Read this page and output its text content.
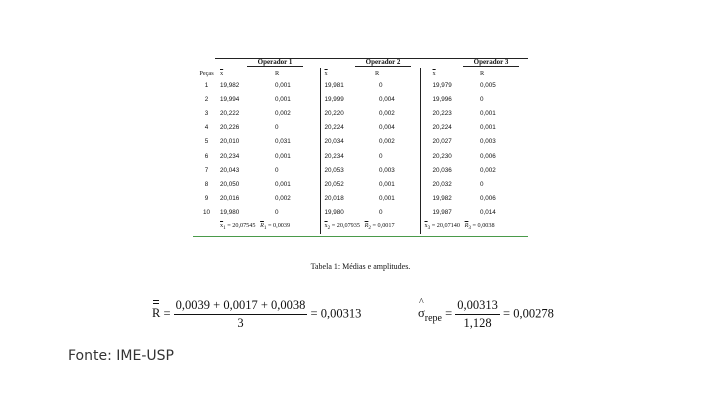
Operador 1	Operador 2	Operador 3
Peças	$\overline{x}$	R	$\overline{x}$	R	$\overline{x}$	R
1	19,982	0,001	19,981	0	19,979	0,005
2	19,994	0,001	19,999	0,004	19,996	0
3	20,222	0,002	20,220	0,002	20,223	0,001
4	20,226	0	20,224	0,004	20,224	0,001
5	20,010	0,031	20,034	0,002	20,027	0,003
6	20,234	0,001	20,234	0	20,230	0,006
7	20,043	0	20,053	0,003	20,036	0,002
8	20,050	0,001	20,052	0,001	20,032	0
9	20,016	0,002	20,018	0,001	19,982	0,006
10	19,980	0	19,980	0	19,987	0,014
	$\overline{x}_1 = 20,07545$ $\overline{R}_1 = 0,0039$		$\overline{x}_2 = 20,07935$ $\overline{R}_2 = 0,0017$		$\overline{x}_3 = 20,07140$ $\overline{R}_3 = 0,0038$	
Tabela 1: Médias e amplitudes.
$R = \frac{0,0039 + 0,0017 + 0,0038}{3} = 0,00313$
^
$\sigma_{repe} = \frac{0,00313}{1,128} = 0,00278$
Fonte: IME-USP
